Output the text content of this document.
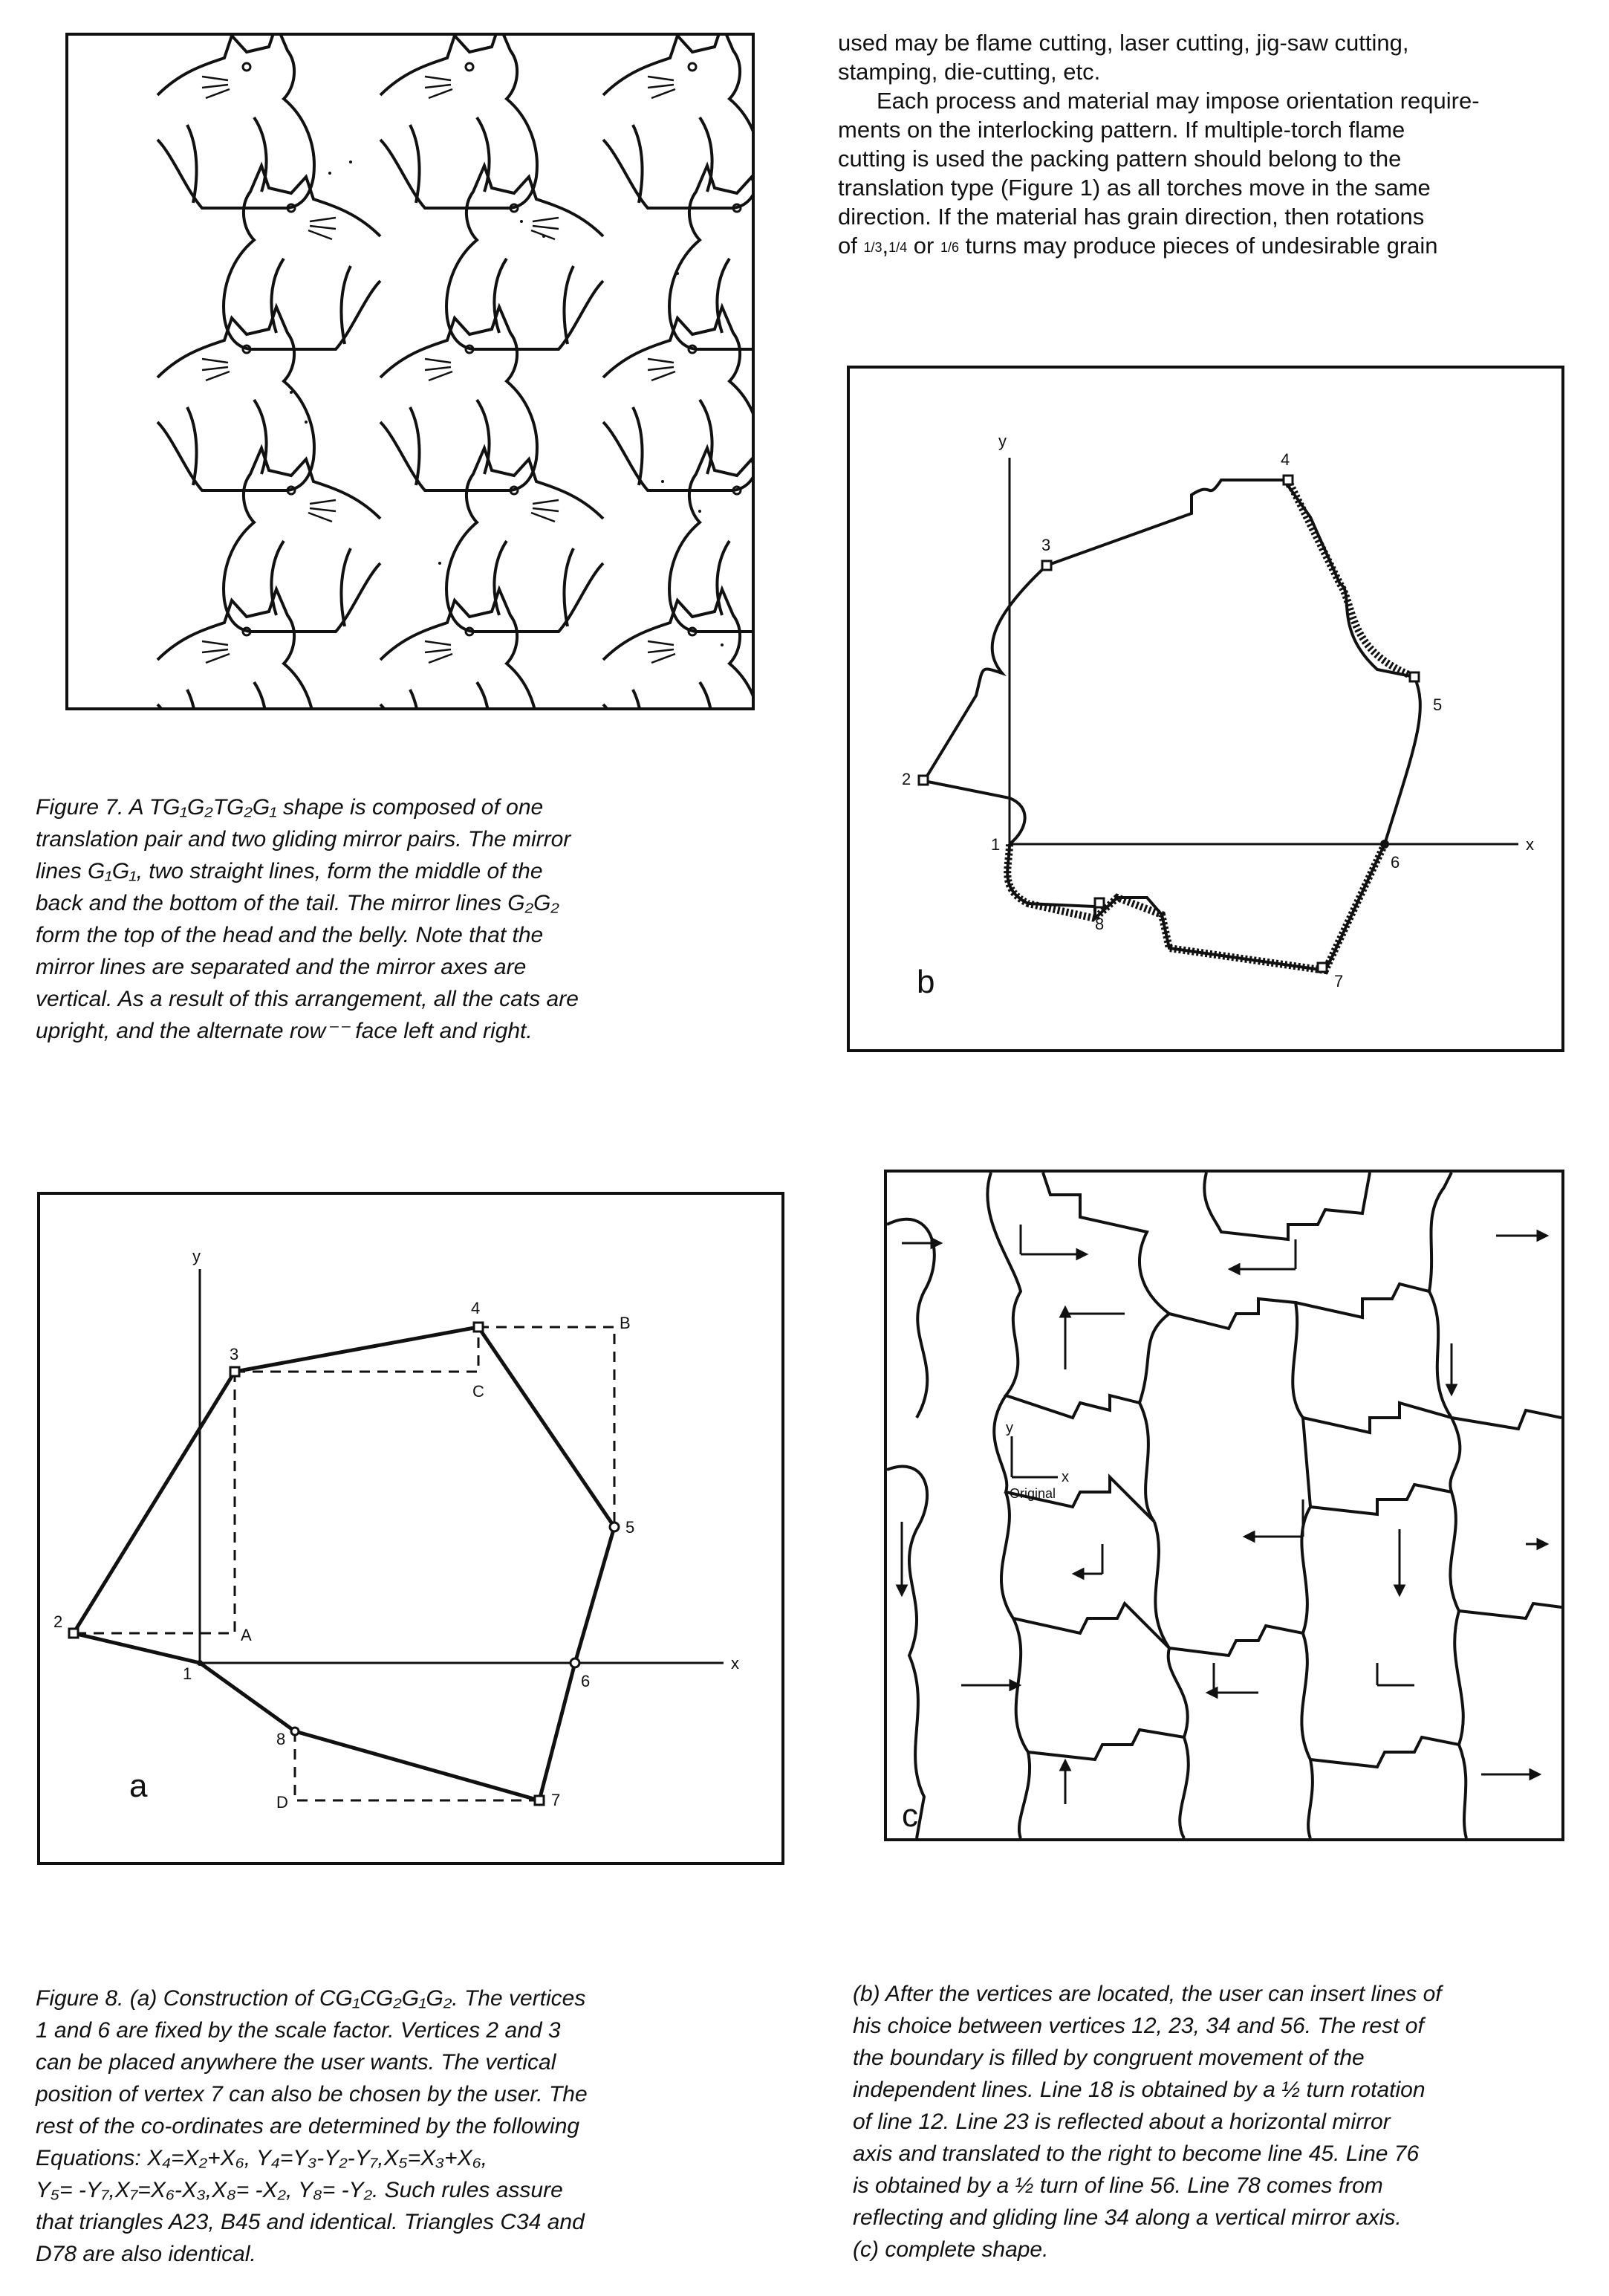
used may be flame cutting, laser cutting, jig-saw cutting,

stamping, die-cutting, etc.

Each process and material may impose orientation require-

ments on the interlocking pattern. If multiple-torch flame

cutting is used the packing pattern should belong to the

translation type (Figure 1) as all torches move in the same

direction. If the material has grain direction, then rotations

of 1/3,1/4 or 1/6 turns may produce pieces of undesirable grain

Figure 7. A TG₁G₂TG₂G₁ shape is composed of one
translation pair and two gliding mirror pairs. The mirror
lines G₁G₁, two straight lines, form the middle of the
back and the bottom of the tail. The mirror lines G₂G₂
form the top of the head and the belly. Note that the
mirror lines are separated and the mirror axes are
vertical. As a result of this arrangement, all the cats are
upright, and the alternate row⁻⁻ face left and right.
y
x
1
2
3
4
5
6
7
8
b
y
x
1
2
3
4
5
6
7
8
A
B
C
D
a
y
x
Original
c
Figure 8. (a) Construction of CG₁CG₂G₁G₂. The vertices
1 and 6 are fixed by the scale factor. Vertices 2 and 3
can be placed anywhere the user wants. The vertical
position of vertex 7 can also be chosen by the user. The
rest of the co-ordinates are determined by the following
Equations: X₄=X₂+X₆, Y₄=Y₃-Y₂-Y₇,X₅=X₃+X₆,
Y₅= -Y₇,X₇=X₆-X₃,X₈= -X₂, Y₈= -Y₂. Such rules assure
that triangles A23, B45 and identical. Triangles C34 and
D78 are also identical.
(b) After the vertices are located, the user can insert lines of
his choice between vertices 12, 23, 34 and 56. The rest of
the boundary is filled by congruent movement of the
independent lines. Line 18 is obtained by a ½ turn rotation
of line 12. Line 23 is reflected about a horizontal mirror
axis and translated to the right to become line 45. Line 76
is obtained by a ½ turn of line 56. Line 78 comes from
reflecting and gliding line 34 along a vertical mirror axis.
(c) complete shape.
